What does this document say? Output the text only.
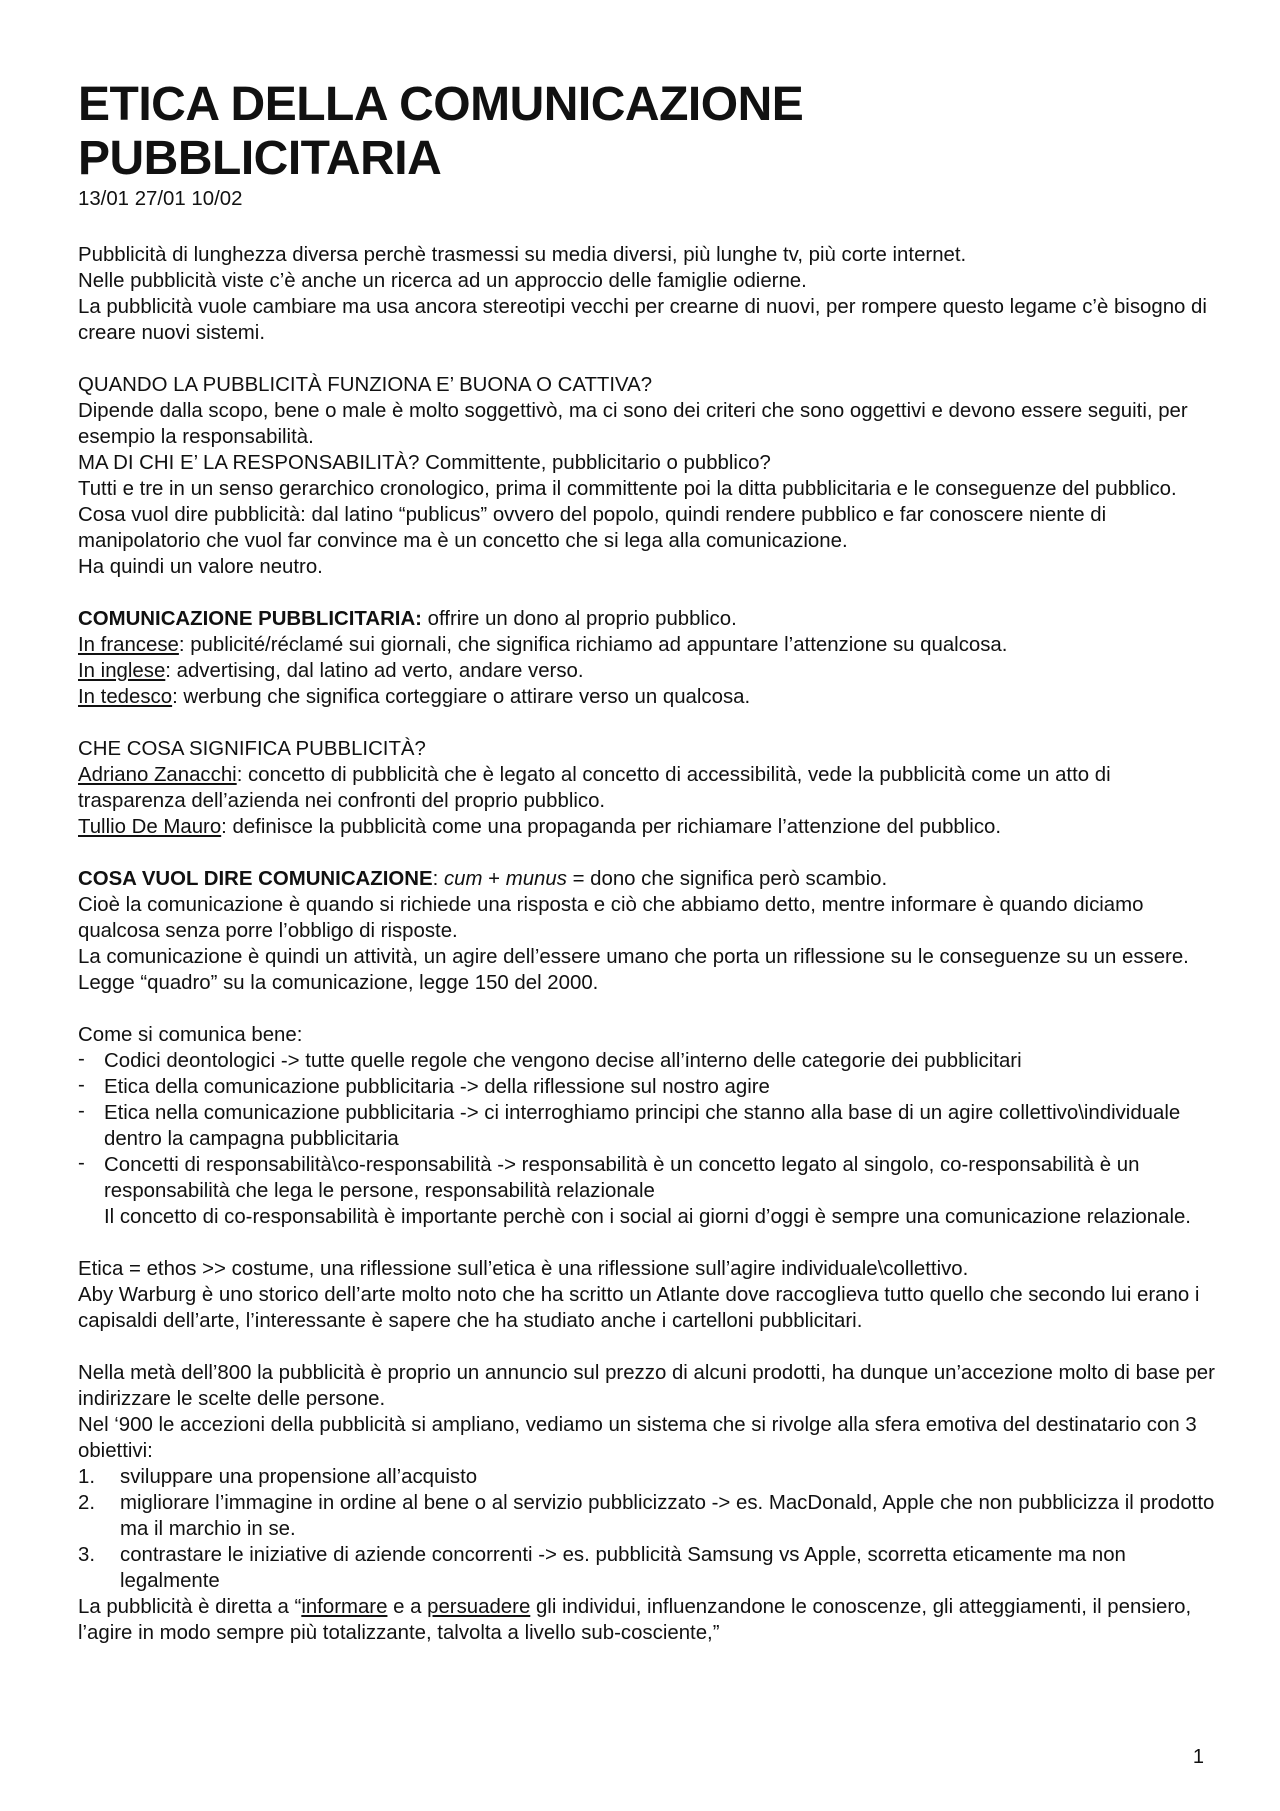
ETICA DELLA COMUNICAZIONE
PUBBLICITARIA

13/01 27/01 10/02

Pubblicità di lunghezza diversa perchè trasmessi su media diversi, più lunghe tv, più corte internet.

Nelle pubblicità viste c’è anche un ricerca ad un approccio delle famiglie odierne.

La pubblicità vuole cambiare ma usa ancora stereotipi vecchi per crearne di nuovi, per rompere questo legame c’è bisogno di creare nuovi sistemi.

QUANDO LA PUBBLICITÀ FUNZIONA E’ BUONA O CATTIVA?

Dipende dalla scopo, bene o male è molto soggettivò, ma ci sono dei criteri che sono oggettivi e devono essere seguiti, per esempio la responsabilità.

MA DI CHI E’ LA RESPONSABILITÀ? Committente, pubblicitario o pubblico?

Tutti e tre in un senso gerarchico cronologico, prima il committente poi la ditta pubblicitaria e le conseguenze del pubblico.

Cosa vuol dire pubblicità: dal latino “publicus” ovvero del popolo, quindi rendere pubblico e far conoscere niente di manipolatorio che vuol far convince ma è un concetto che si lega alla comunicazione.

Ha quindi un valore neutro.

COMUNICAZIONE PUBBLICITARIA: offrire un dono al proprio pubblico.

In francese: publicité/réclamé sui giornali, che significa richiamo ad appuntare l’attenzione su qualcosa.

In inglese: advertising, dal latino ad verto, andare verso.

In tedesco: werbung che significa corteggiare o attirare verso un qualcosa.

CHE COSA SIGNIFICA PUBBLICITÀ?

Adriano Zanacchi: concetto di pubblicità che è legato al concetto di accessibilità, vede la pubblicità come un atto di trasparenza dell’azienda nei confronti del proprio pubblico.

Tullio De Mauro: definisce la pubblicità come una propaganda per richiamare l’attenzione del pubblico.

COSA VUOL DIRE COMUNICAZIONE: cum + munus = dono che significa però scambio.

Cioè la comunicazione è quando si richiede una risposta e ciò che abbiamo detto, mentre informare è quando diciamo qualcosa senza porre l’obbligo di risposte.

La comunicazione è quindi un attività, un agire dell’essere umano che porta un riflessione su le conseguenze su un essere.

Legge “quadro” su la comunicazione, legge 150 del 2000.

Come si comunica bene:

- Codici deontologici -> tutte quelle regole che vengono decise all’interno delle categorie dei pubblicitari
- Etica della comunicazione pubblicitaria -> della riflessione sul nostro agire
- Etica nella comunicazione pubblicitaria -> ci interroghiamo principi che stanno alla base di un agire collettivo\individuale dentro la campagna pubblicitaria
- Concetti di responsabilità\co-responsabilità -> responsabilità è un concetto legato al singolo, co-responsabilità è un responsabilità che lega le persone, responsabilità relazionale

Il concetto di co-responsabilità è importante perchè con i social ai giorni d’oggi è sempre una comunicazione relazionale.

Etica = ethos >> costume, una riflessione sull’etica è una riflessione sull’agire individuale\collettivo.

Aby Warburg è uno storico dell’arte molto noto che ha scritto un Atlante dove raccoglieva tutto quello che secondo lui erano i capisaldi dell’arte, l’interessante è sapere che ha studiato anche i cartelloni pubblicitari.

Nella metà dell’800 la pubblicità è proprio un annuncio sul prezzo di alcuni prodotti, ha dunque un’accezione molto di base per indirizzare le scelte delle persone.

Nel ‘900 le accezioni della pubblicità si ampliano, vediamo un sistema che si rivolge alla sfera emotiva del destinatario con 3 obiettivi:

1. sviluppare una propensione all’acquisto
2. migliorare l’immagine in ordine al bene o al servizio pubblicizzato -> es. MacDonald, Apple che non pubblicizza il prodotto ma il marchio in se.
3. contrastare le iniziative di aziende concorrenti -> es. pubblicità Samsung vs Apple, scorretta eticamente ma non legalmente

La pubblicità è diretta a “informare e a persuadere gli individui, influenzandone le conoscenze, gli atteggiamenti, il pensiero, l’agire in modo sempre più totalizzante, talvolta a livello sub-cosciente,”

1
